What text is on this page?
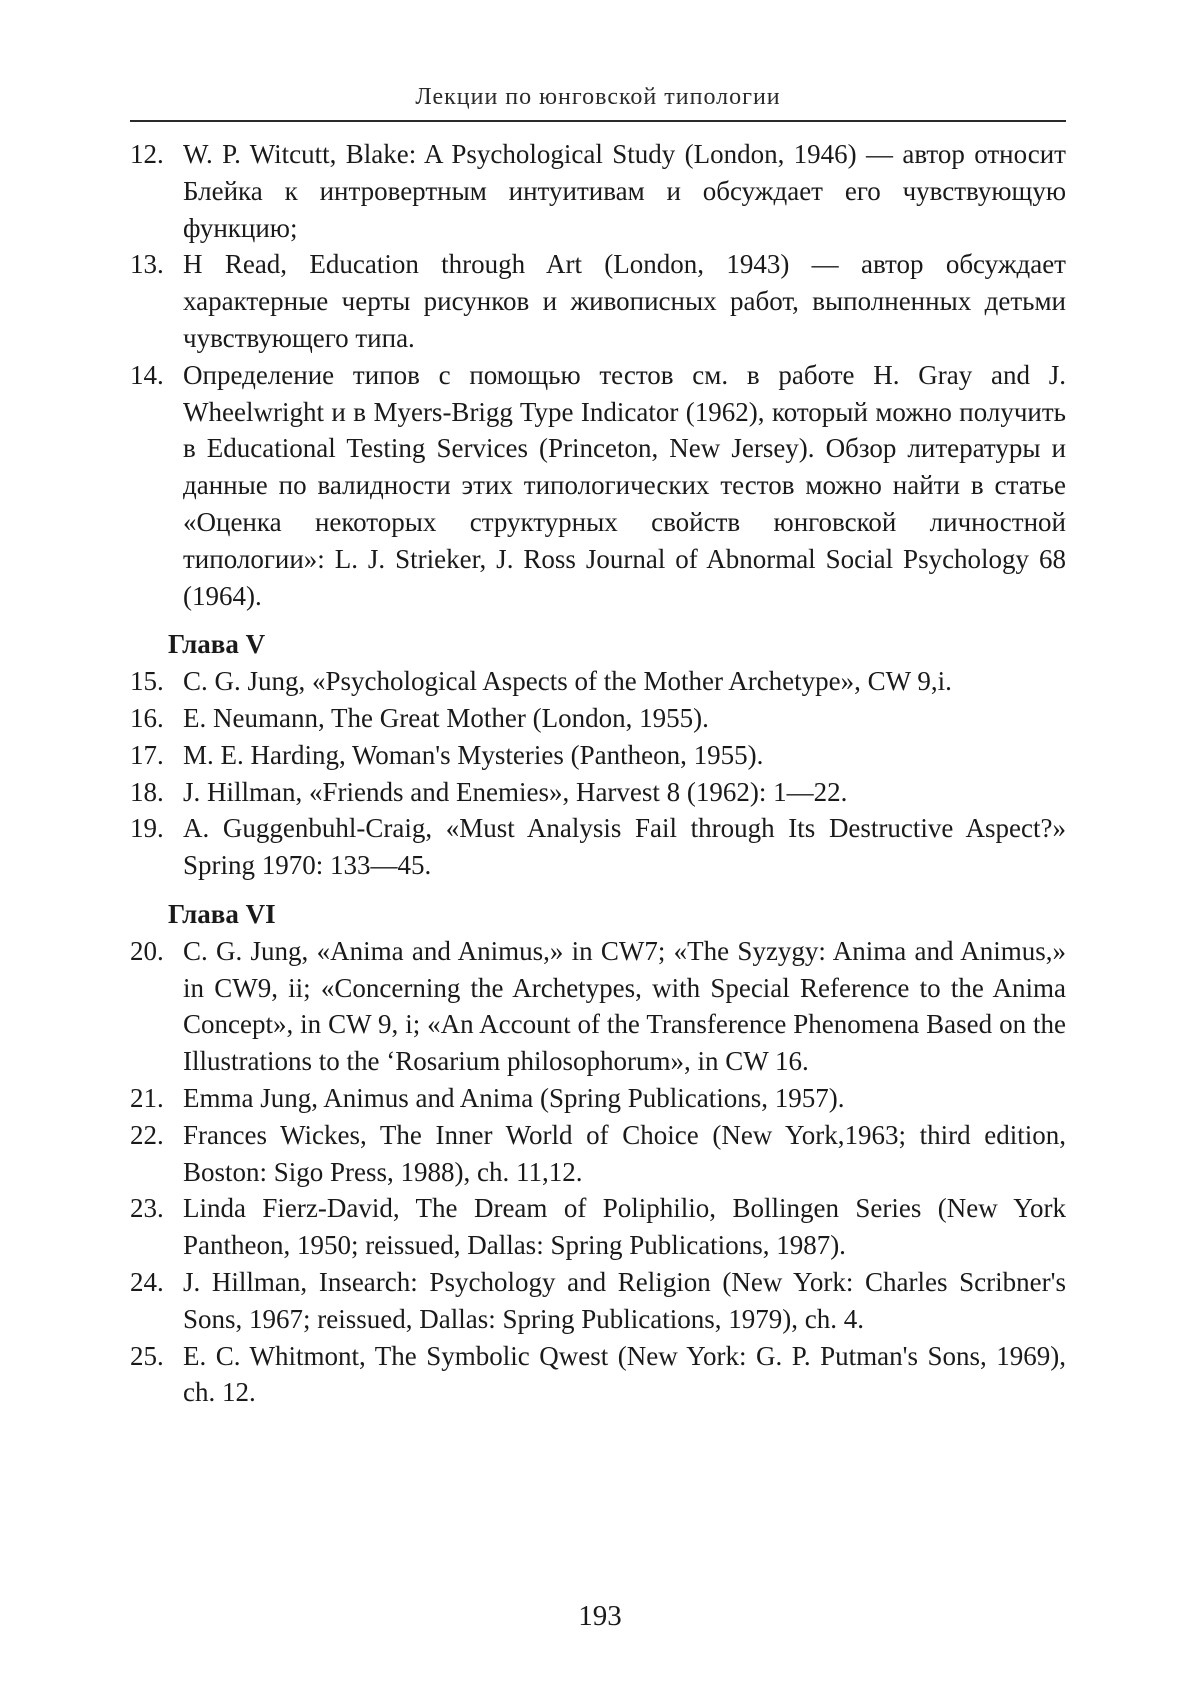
Лекции по юнговской типологии
12. W. P. Witcutt, Blake: A Psychological Study (London, 1946) — автор относит Блейка к интровертным интуитивам и обсуждает его чувствующую функцию;
13. H Read, Education through Art (London, 1943) — автор обсуждает характерные черты рисунков и живописных работ, выполненных детьми чувствующего типа.
14. Определение типов с помощью тестов см. в работе H. Gray and J. Wheelwright и в Myers-Brigg Type Indicator (1962), который можно получить в Educational Testing Services (Princeton, New Jersey). Обзор литературы и данные по валидности этих типологических тестов можно найти в статье «Оценка некоторых структурных свойств юнговской личностной типологии»: L. J. Strieker, J. Ross Journal of Abnormal Social Psychology 68 (1964).
Глава V
15. C. G. Jung, «Psychological Aspects of the Mother Archetype», CW 9,i.
16. E. Neumann, The Great Mother (London, 1955).
17. M. E. Harding, Woman's Mysteries (Pantheon, 1955).
18. J. Hillman, «Friends and Enemies», Harvest 8 (1962): 1—22.
19. A. Guggenbuhl-Craig, «Must Analysis Fail through Its Destructive Aspect?» Spring 1970: 133—45.
Глава VI
20. C. G. Jung, «Anima and Animus,» in CW7; «The Syzygy: Anima and Animus,» in CW9, ii; «Concerning the Archetypes, with Special Reference to the Anima Concept», in CW 9, i; «An Account of the Transference Phenomena Based on the Illustrations to the ‘Rosarium philosophorum», in CW 16.
21. Emma Jung, Animus and Anima (Spring Publications, 1957).
22. Frances Wickes, The Inner World of Choice (New York,1963; third edition, Boston: Sigo Press, 1988), ch. 11,12.
23. Linda Fierz-David, The Dream of Poliphilio, Bollingen Series (New York Pantheon, 1950; reissued, Dallas: Spring Publications, 1987).
24. J. Hillman, Insearch: Psychology and Religion (New York: Charles Scribner's Sons, 1967; reissued, Dallas: Spring Publications, 1979), ch. 4.
25. E. C. Whitmont, The Symbolic Qwest (New York: G. P. Putman's Sons, 1969), ch. 12.
193
